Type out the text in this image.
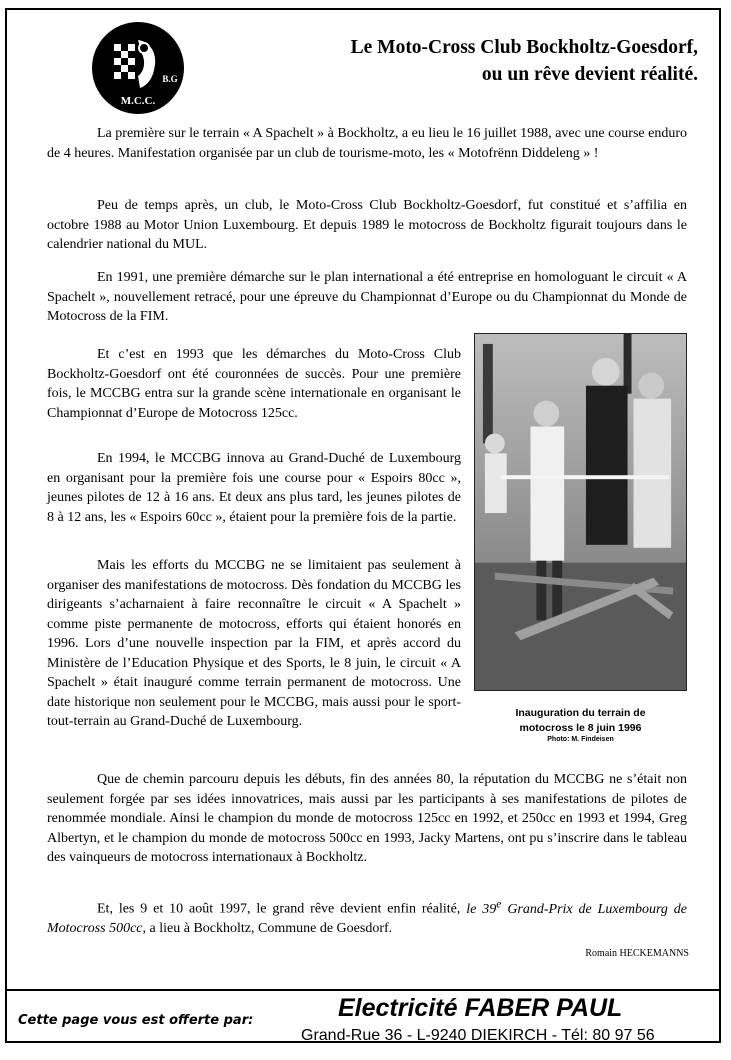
M.C.C.
B.G
Le Moto-Cross Club Bockholtz-Goesdorf,
ou un rêve devient réalité.

La première sur le terrain « A Spachelt » à Bockholtz, a eu lieu le 16 juillet 1988, avec une course enduro de 4 heures. Manifestation organisée par un club de tourisme-moto, les « Motofrënn Diddeleng » !

Peu de temps après, un club, le Moto-Cross Club Bockholtz-Goesdorf, fut constitué et s’affilia en octobre 1988 au Motor Union Luxembourg. Et depuis 1989 le motocross de Bockholtz figurait toujours dans le calendrier national du MUL.

En 1991, une première démarche sur le plan international a été entreprise en homologuant le circuit « A Spachelt », nouvellement retracé, pour une épreuve du Championnat d’Europe ou du Championnat du Monde de Motocross de la FIM.

Et c’est en 1993 que les démarches du Moto-Cross Club Bockholtz-Goesdorf ont été couronnées de succès. Pour une première fois, le MCCBG entra sur la grande scène internationale en organisant le Championnat d’Europe de Motocross 125cc.

En 1994, le MCCBG innova au Grand-Duché de Luxembourg en organisant pour la première fois une course pour « Espoirs 80cc », jeunes pilotes de 12 à 16 ans. Et deux ans plus tard, les jeunes pilotes de 8 à 12 ans, les « Espoirs 60cc », étaient pour la première fois de la partie.

Mais les efforts du MCCBG ne se limitaient pas seulement à organiser des manifestations de motocross. Dès fondation du MCCBG les dirigeants s’acharnaient à faire reconnaître le circuit « A Spachelt » comme piste permanente de motocross, efforts qui étaient honorés en 1996. Lors d’une nouvelle inspection par la FIM, et après accord du Ministère de l’Education Physique et des Sports, le 8 juin, le circuit « A Spachelt » était inauguré comme terrain permanent de motocross. Une date historique non seulement pour le MCCBG, mais aussi pour le sport-tout-terrain au Grand-Duché de Luxembourg.

Que de chemin parcouru depuis les débuts, fin des années 80, la réputation du MCCBG ne s’était non seulement forgée par ses idées innovatrices, mais aussi par les participants à ses manifestations de pilotes de renommée mondiale. Ainsi le champion du monde de motocross 125cc en 1992, et 250cc en 1993 et 1994, Greg Albertyn, et le champion du monde de motocross 500cc en 1993, Jacky Martens, ont pu s’inscrire dans le tableau des vainqueurs de motocross internationaux à Bockholtz.

Et, les 9 et 10 août 1997, le grand rêve devient enfin réalité, le 39e Grand-Prix de Luxembourg de Motocross 500cc, a lieu à Bockholtz, Commune de Goesdorf.

Romain HECKEMANNS
Inauguration du terrain de
motocross le 8 juin 1996
Photo: M. Findeisen
Cette page vous est offerte par:	Electricité FABER PAUL
Grand-Rue 36 - L-9240 DIEKIRCH - Tél: 80 97 56
